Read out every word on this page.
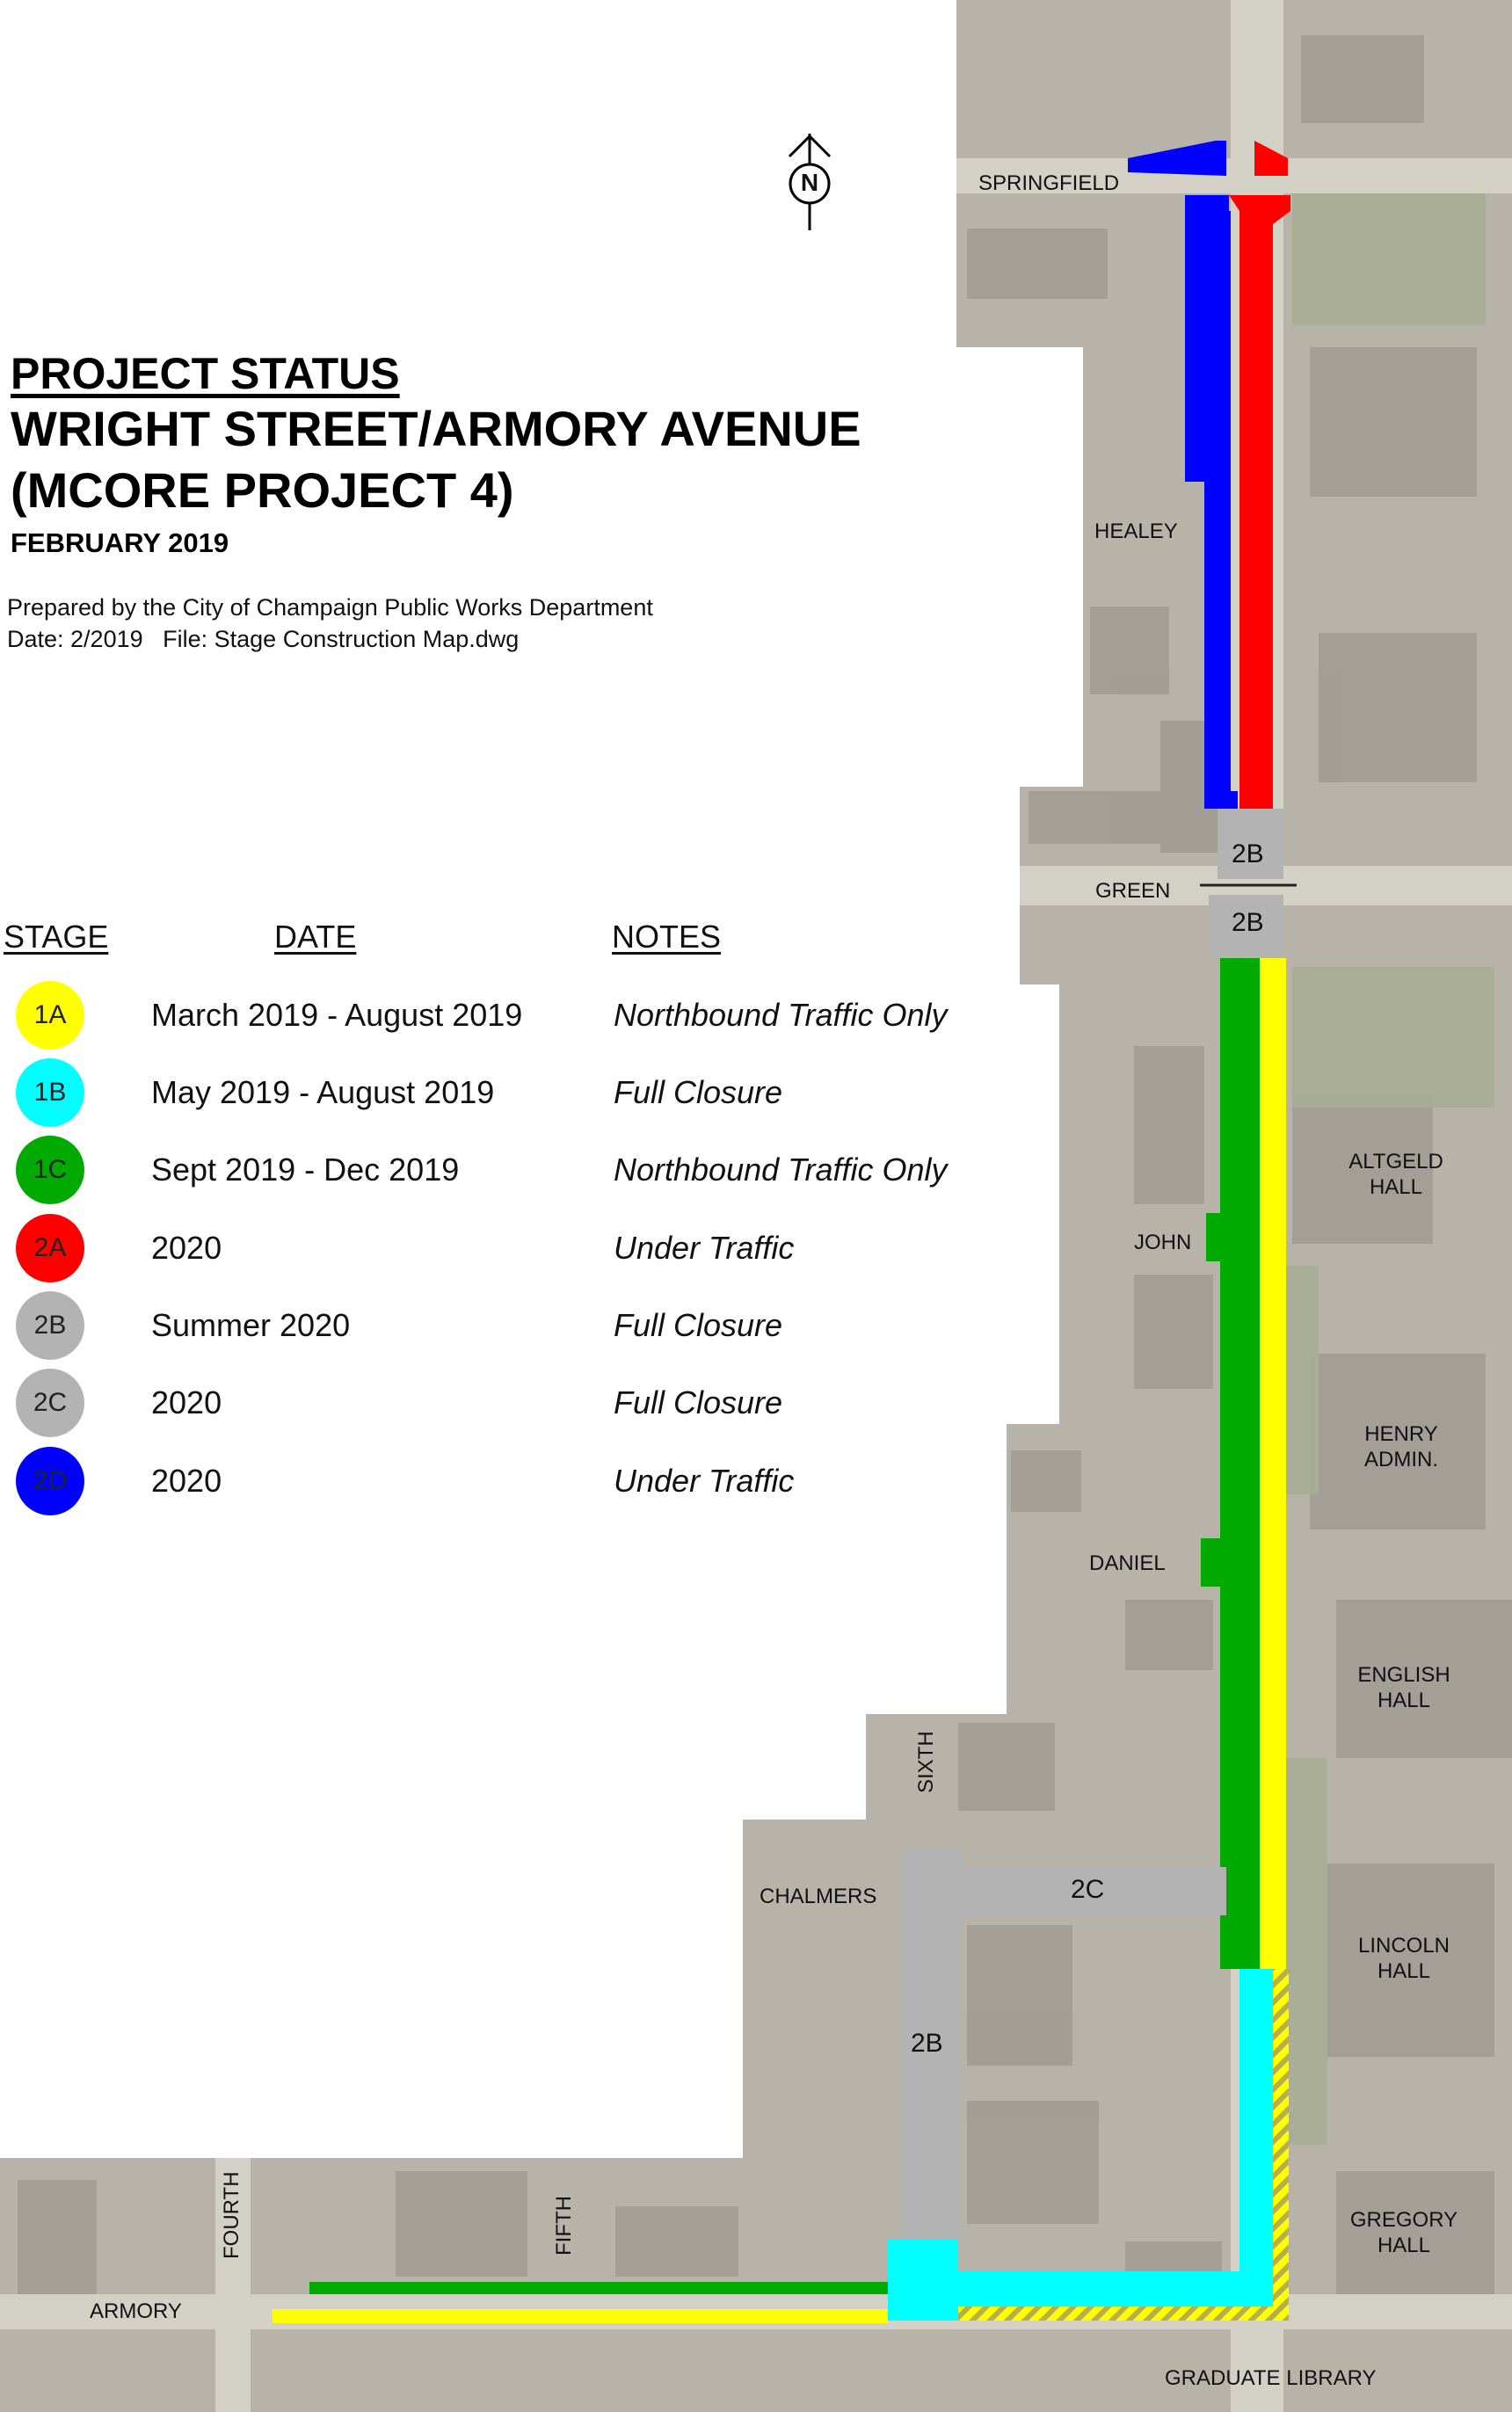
N
PROJECT STATUS
WRIGHT STREET/ARMORY AVENUE
(MCORE PROJECT 4)
FEBRUARY 2019
Prepared by the City of Champaign Public Works Department
Date: 2/2019   File: Stage Construction Map.dwg
STAGE	DATE	NOTES
1A	March 2019 - August 2019	Northbound Traffic Only
1B	May 2019 - August 2019	Full Closure
1C	Sept 2019 - Dec 2019	Northbound Traffic Only
2A	2020	Under Traffic
2B	Summer 2020	Full Closure
2C	2020	Full Closure
2D	2020	Under Traffic
SPRINGFIELD
HEALEY
GREEN
JOHN
DANIEL
SIXTH
CHALMERS
FOURTH	FIFTH
ARMORY
ALTGELD
HALL
HENRY
ADMIN.
ENGLISH
HALL
LINCOLN
HALL
GREGORY
HALL
GRADUATE LIBRARY
2B
2B
2C
2B
